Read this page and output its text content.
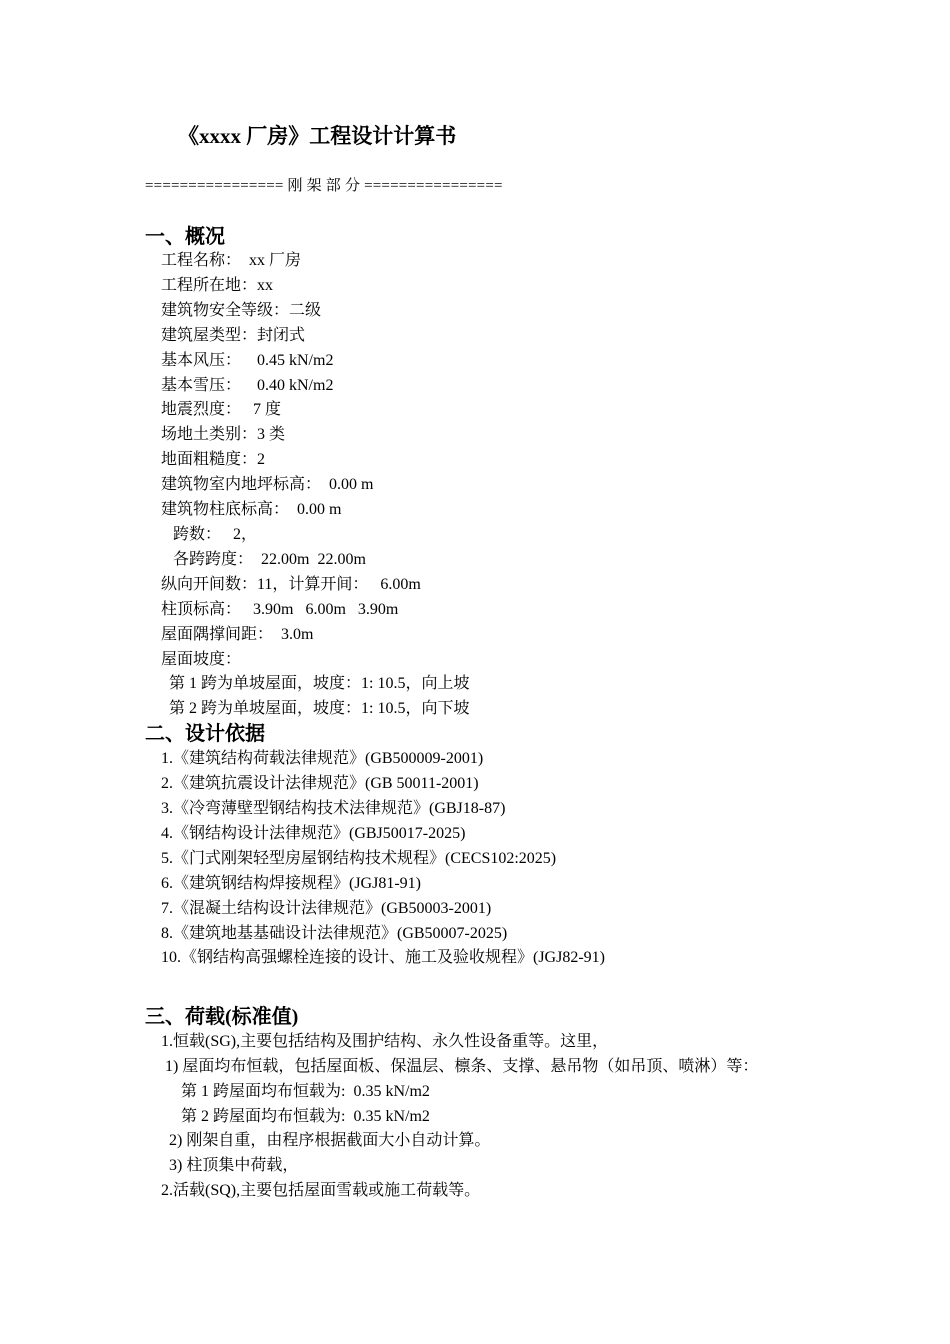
《xxxx 厂房》工程设计计算书
================ 刚 架 部 分 ================
一、概况
工程名称：  xx 厂房
工程所在地：xx
建筑物安全等级：二级
建筑屋类型：封闭式
基本风压：    0.45 kN/m2
基本雪压：    0.40 kN/m2
地震烈度：   7 度
场地土类别：3 类
地面粗糙度：2
建筑物室内地坪标高：  0.00 m
建筑物柱底标高：  0.00 m
跨数：   2，
各跨跨度：  22.00m  22.00m
纵向开间数：11，计算开间：   6.00m
柱顶标高：   3.90m   6.00m   3.90m
屋面隅撑间距：  3.0m
屋面坡度：
第 1 跨为单坡屋面，坡度：1: 10.5，向上坡
第 2 跨为单坡屋面，坡度：1: 10.5，向下坡
二、设计依据
1.《建筑结构荷载法律规范》(GB500009-2001)
2.《建筑抗震设计法律规范》(GB 50011-2001)
3.《冷弯薄壁型钢结构技术法律规范》(GBJ18-87)
4.《钢结构设计法律规范》(GBJ50017-2025)
5.《门式刚架轻型房屋钢结构技术规程》(CECS102:2025)
6.《建筑钢结构焊接规程》(JGJ81-91)
7.《混凝土结构设计法律规范》(GB50003-2001)
8.《建筑地基基础设计法律规范》(GB50007-2025)
10.《钢结构高强螺栓连接的设计、施工及验收规程》(JGJ82-91)
三、荷载(标准值)
1.恒载(SG),主要包括结构及围护结构、永久性设备重等。这里，
1) 屋面均布恒载，包括屋面板、保温层、檩条、支撑、悬吊物（如吊顶、喷淋）等：
第 1 跨屋面均布恒载为:  0.35 kN/m2
第 2 跨屋面均布恒载为:  0.35 kN/m2
2) 刚架自重，由程序根据截面大小自动计算。
3) 柱顶集中荷载，
2.活载(SQ),主要包括屋面雪载或施工荷载等。
